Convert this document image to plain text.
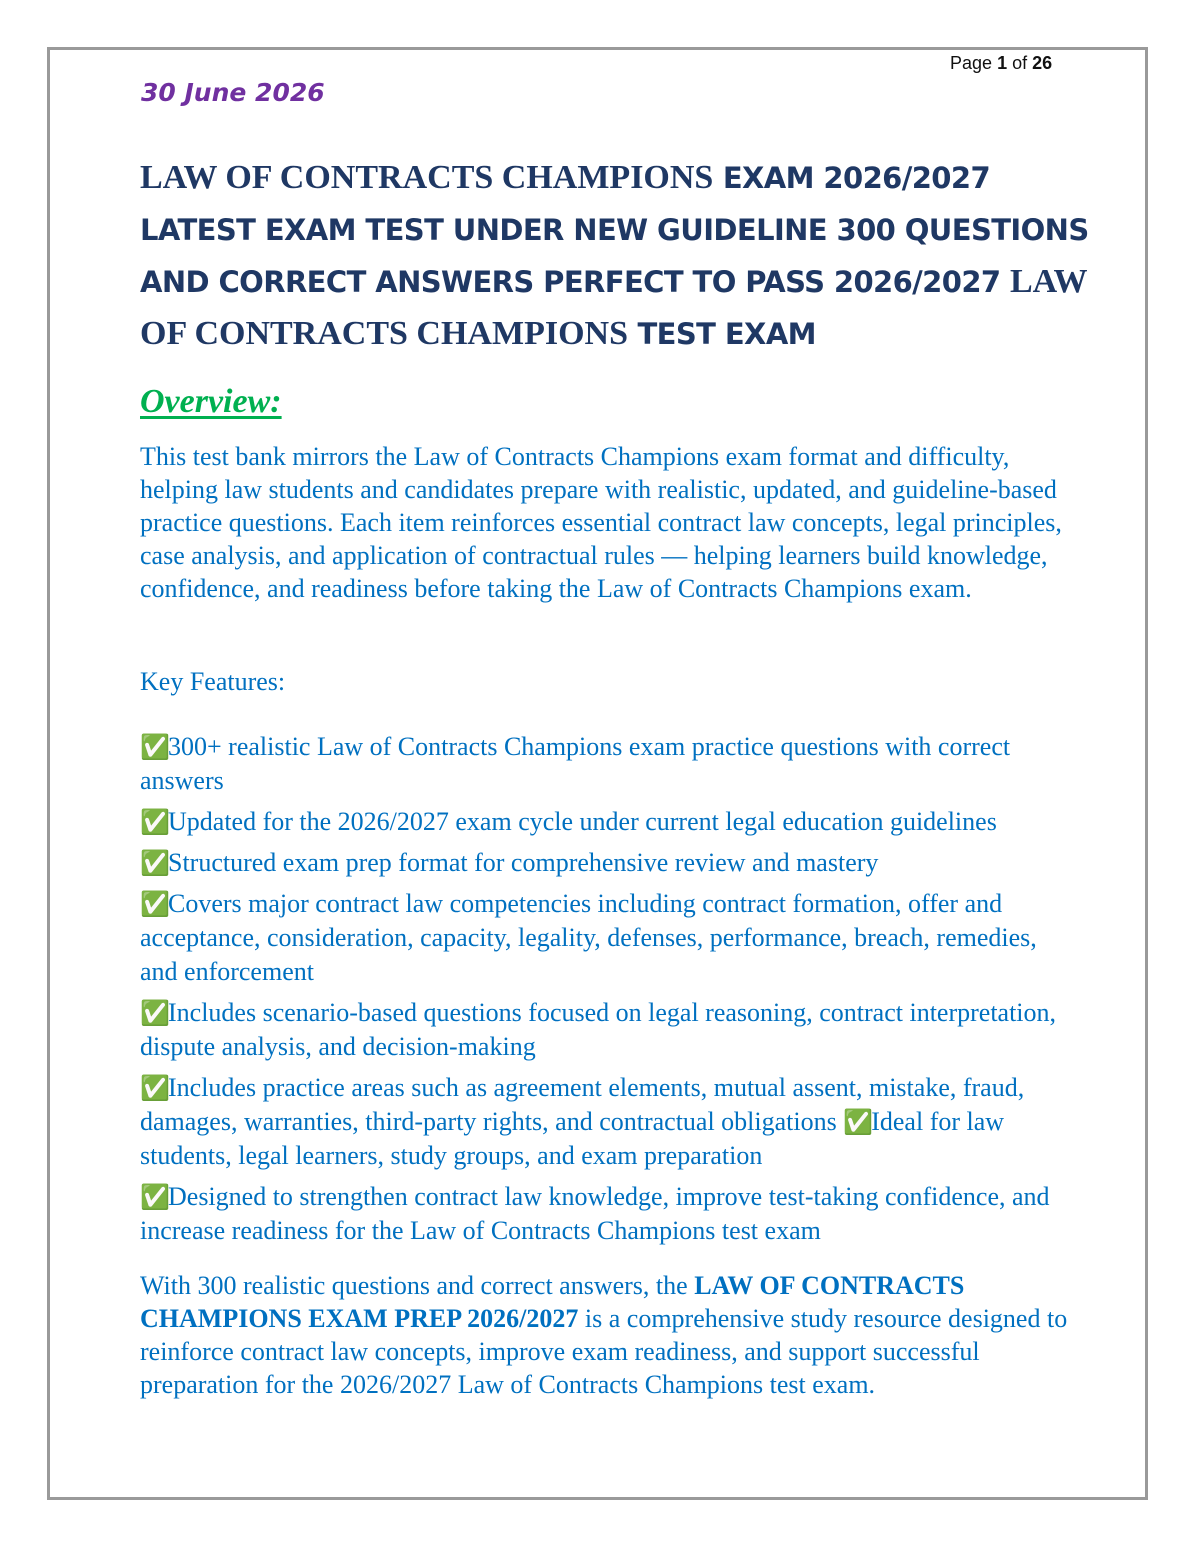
Page 1 of 26
30 June 2026
LAW OF CONTRACTS CHAMPIONS EXAM 2026/2027
LATEST EXAM TEST UNDER NEW GUIDELINE 300 QUESTIONS
AND CORRECT ANSWERS PERFECT TO PASS 2026/2027 LAW
OF CONTRACTS CHAMPIONS TEST EXAM
Overview:

This test bank mirrors the Law of Contracts Champions exam format and difficulty, helping law students and candidates prepare with realistic, updated, and guideline-based practice questions. Each item reinforces essential contract law concepts, legal principles, case analysis, and application of contractual rules — helping learners build knowledge, confidence, and readiness before taking the Law of Contracts Champions exam.

Key Features:

✅300+ realistic Law of Contracts Champions exam practice questions with correct answers

✅Updated for the 2026/2027 exam cycle under current legal education guidelines

✅Structured exam prep format for comprehensive review and mastery

✅Covers major contract law competencies including contract formation, offer and acceptance, consideration, capacity, legality, defenses, performance, breach, remedies, and enforcement

✅Includes scenario-based questions focused on legal reasoning, contract interpretation, dispute analysis, and decision-making

✅Includes practice areas such as agreement elements, mutual assent, mistake, fraud, damages, warranties, third-party rights, and contractual obligations ✅Ideal for law students, legal learners, study groups, and exam preparation

✅Designed to strengthen contract law knowledge, improve test-taking confidence, and increase readiness for the Law of Contracts Champions test exam

With 300 realistic questions and correct answers, the LAW OF CONTRACTS CHAMPIONS EXAM PREP 2026/2027 is a comprehensive study resource designed to reinforce contract law concepts, improve exam readiness, and support successful preparation for the 2026/2027 Law of Contracts Champions test exam.
